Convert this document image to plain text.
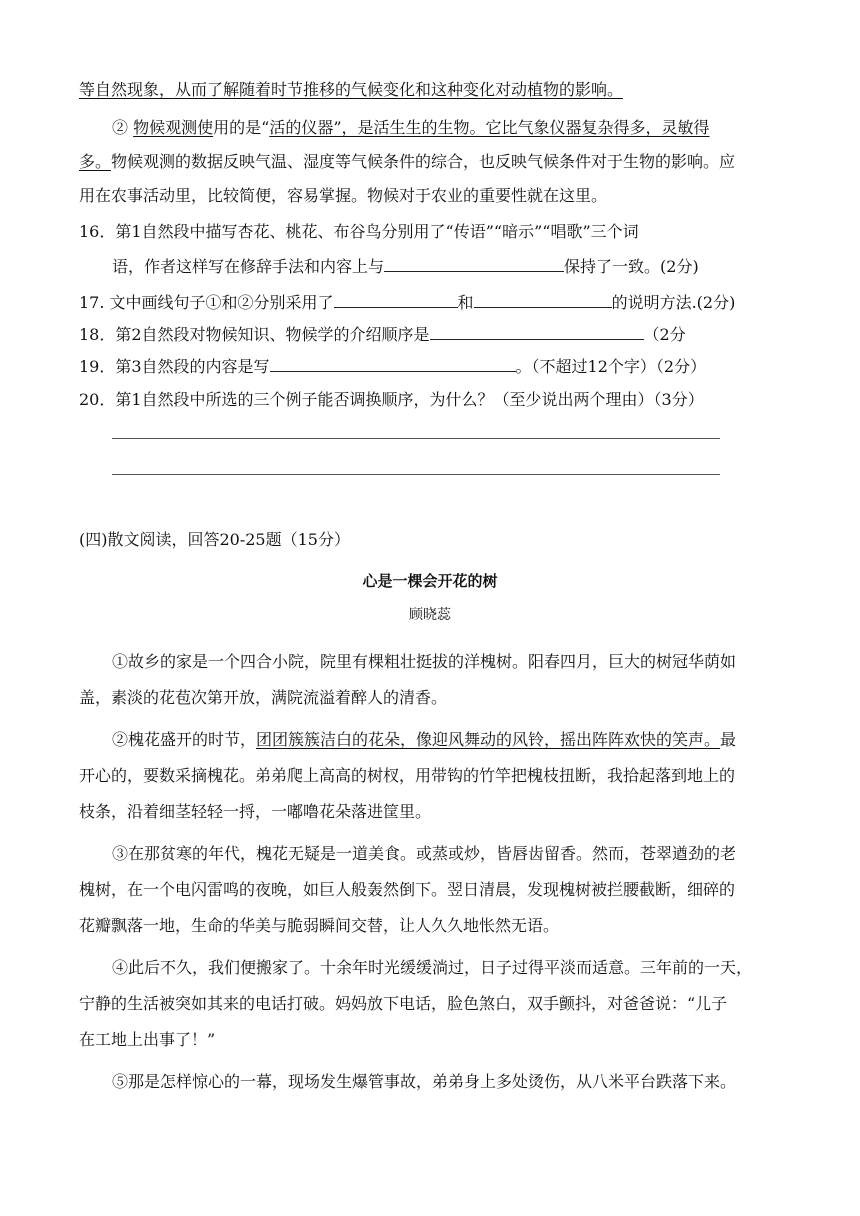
等自然现象，从而了解随着时节推移的气候变化和这种变化对动植物的影响。
② 物候观测使用的是“活的仪器”，是活生生的生物。它比气象仪器复杂得多，灵敏得
多。物候观测的数据反映气温、湿度等气候条件的综合，也反映气候条件对于生物的影响。应
用在农事活动里，比较简便，容易掌握。物候对于农业的重要性就在这里。
16．第1自然段中描写杏花、桃花、布谷鸟分别用了“传语”“暗示”“唱歌”三个词
语，作者这样写在修辞手法和内容上与	保持了一致。(2分)
17. 文中画线句子①和②分别采用了	和	的说明方法.(2分)
18．第2自然段对物候知识、物候学的介绍顺序是	（2分
19．第3自然段的内容是写	。（不超过12个字）（2分）
20．第1自然段中所选的三个例子能否调换顺序，为什么？（至少说出两个理由）（3分）
(四)散文阅读，回答20-25题（15分）
心是一棵会开花的树
顾晓蕊
①故乡的家是一个四合小院，院里有棵粗壮挺拔的洋槐树。阳春四月，巨大的树冠华荫如
盖，素淡的花苞次第开放，满院流溢着醉人的清香。
②槐花盛开的时节，团团簇簇洁白的花朵，像迎风舞动的风铃，摇出阵阵欢快的笑声。最
开心的，要数采摘槐花。弟弟爬上高高的树杈，用带钩的竹竿把槐枝扭断，我拾起落到地上的
枝条，沿着细茎轻轻一捋，一嘟噜花朵落进筐里。
③在那贫寒的年代，槐花无疑是一道美食。或蒸或炒，皆唇齿留香。然而，苍翠遒劲的老
槐树，在一个电闪雷鸣的夜晚，如巨人般轰然倒下。翌日清晨，发现槐树被拦腰截断，细碎的
花瓣飘落一地，生命的华美与脆弱瞬间交替，让人久久地怅然无语。
④此后不久，我们便搬家了。十余年时光缓缓淌过，日子过得平淡而适意。三年前的一天，
宁静的生活被突如其来的电话打破。妈妈放下电话，脸色煞白，双手颤抖，对爸爸说：“儿子
在工地上出事了！”
⑤那是怎样惊心的一幕，现场发生爆管事故，弟弟身上多处烫伤，从八米平台跌落下来。
